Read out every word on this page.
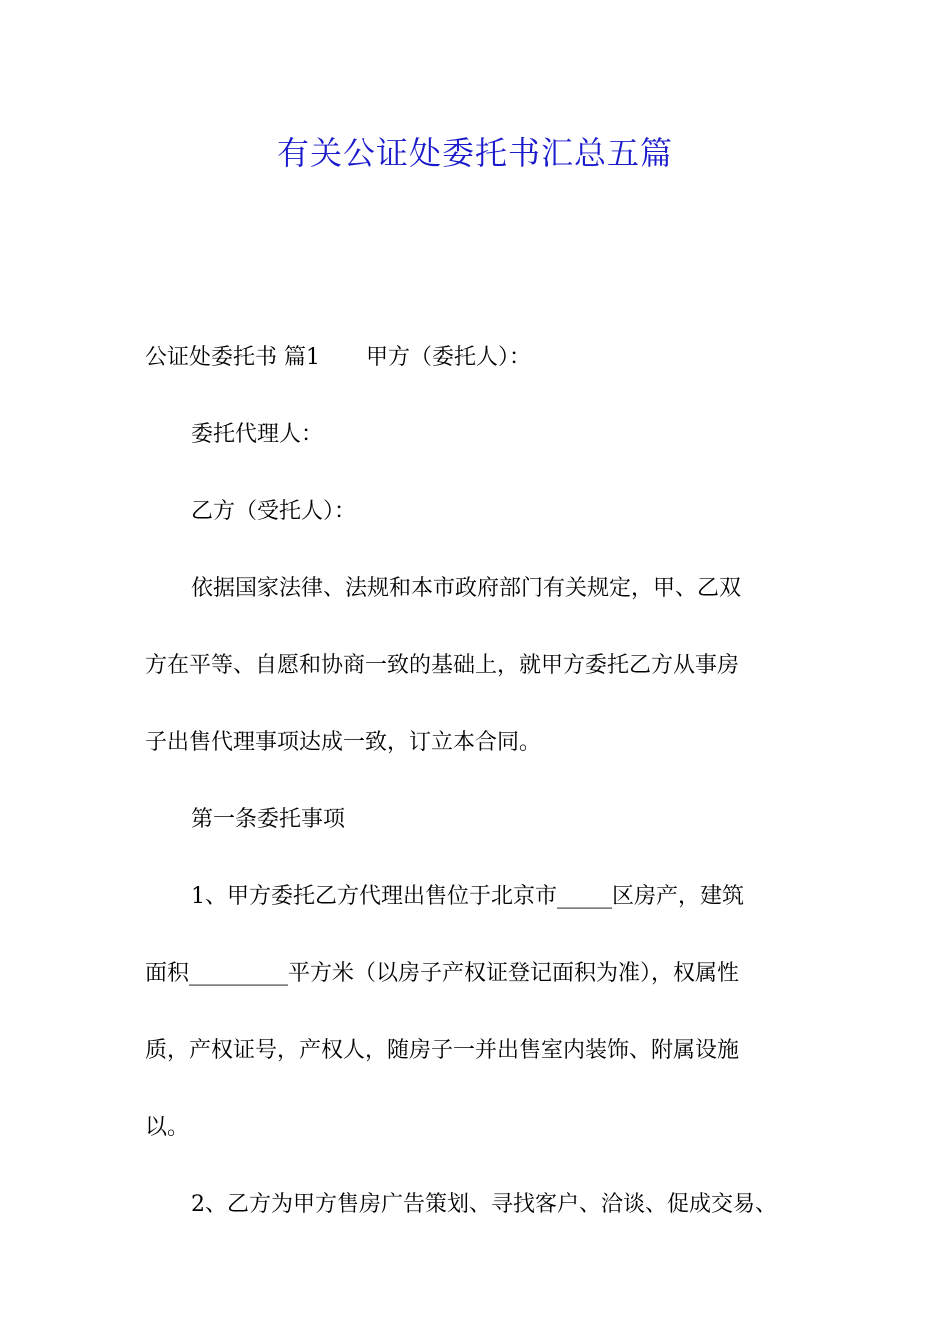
有关公证处委托书汇总五篇
公证处委托书 篇1 甲方（委托人）：
委托代理人：
乙方（受托人）：
依据国家法律、法规和本市政府部门有关规定，甲、乙双
方在平等、自愿和协商一致的基础上，就甲方委托乙方从事房
子出售代理事项达成一致，订立本合同。
第一条委托事项
1、甲方委托乙方代理出售位于北京市_____区房产，建筑
面积_________平方米（以房子产权证登记面积为准），权属性
质，产权证号，产权人，随房子一并出售室内装饰、附属设施
以。
2、乙方为甲方售房广告策划、寻找客户、洽谈、促成交易、
